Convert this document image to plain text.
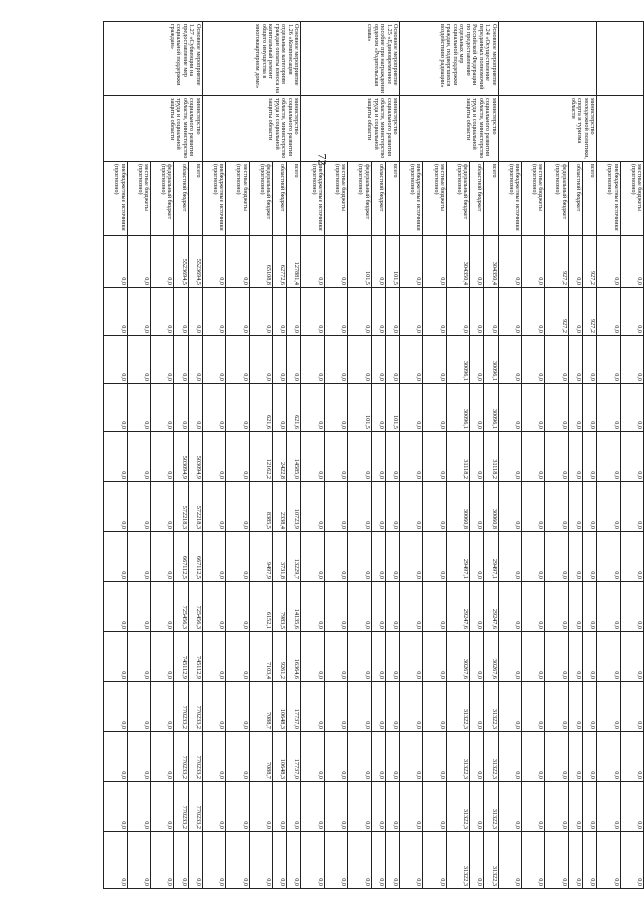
72
		местные бюджеты (прогнозно)	0,0	0,0	0,0	0,0	0,0	0,0	0,0	0,0	0,0	0,0	0,0	0,0	0,0
		внебюджетные источники (прогнозно)	0,0	0,0	0,0	0,0	0,0	0,0	0,0	0,0	0,0	0,0	0,0	0,0	0,0
	министерство молодежной политики, спорта и туризма области	всего	927,2	927,2	0,0	0,0	0,0	0,0	0,0	0,0	0,0	0,0	0,0	0,0	0,0
		областной бюджет	0,0	0,0	0,0	0,0	0,0	0,0	0,0	0,0	0,0	0,0	0,0	0,0	0,0
		федеральный бюджет (прогнозно)	927,2	927,2	0,0	0,0	0,0	0,0	0,0	0,0	0,0	0,0	0,0	0,0	0,0
		местные бюджеты (прогнозно)	0,0	0,0	0,0	0,0	0,0	0,0	0,0	0,0	0,0	0,0	0,0	0,0	0,0
		внебюджетные источники (прогнозно)	0,0	0,0	0,0	0,0	0,0	0,0	0,0	0,0	0,0	0,0	0,0	0,0	0,0
Основное мероприятие 1.24 «Осуществление переданных полномочий Российской Федерации по предоставлению отдельных мер социальной поддержки граждан, подвергшихся воздействию радиации»	министерство социального развития области, министерство труда и социальной защиты области	всего	304350,4	0,0	30096,1	30096,1	31118,2	30060,8	29497,1	29247,6	30267,6	31322,3	31322,3	31322,3	31322,3
		областной бюджет	0,0	0,0	0,0	0,0	0,0	0,0	0,0	0,0	0,0	0,0	0,0	0,0	0,0
		федеральный бюджет (прогнозно)	304350,4	0,0	30096,1	30096,1	31118,2	30060,8	29497,1	29247,6	30267,6	31322,3	31322,3	31322,3	31322,3
		местные бюджеты (прогнозно)	0,0	0,0	0,0	0,0	0,0	0,0	0,0	0,0	0,0	0,0	0,0	0,0	0,0
		внебюджетные источники (прогнозно)	0,0	0,0	0,0	0,0	0,0	0,0	0,0	0,0	0,0	0,0	0,0	0,0	0,0
Основное мероприятие 1.25 «Единовременное пособие при награждении орденом «Родительская слава»	министерство социального развития области, министерство труда и социальной защиты области	всего	101,5	0,0	0,0	101,5	0,0	0,0	0,0	0,0	0,0	0,0	0,0	0,0	0,0
		областной бюджет	0,0	0,0	0,0	0,0	0,0	0,0	0,0	0,0	0,0	0,0	0,0	0,0	0,0
		федеральный бюджет (прогнозно)	101,5	0,0	0,0	101,5	0,0	0,0	0,0	0,0	0,0	0,0	0,0	0,0	0,0
		местные бюджеты (прогнозно)	0,0	0,0	0,0	0,0	0,0	0,0	0,0	0,0	0,0	0,0	0,0	0,0	0,0
		внебюджетные источники (прогнозно)	0,0	0,0	0,0	0,0	0,0	0,0	0,0	0,0	0,0	0,0	0,0	0,0	0,0
Основное мероприятие 1.26 «Компенсация отдельным категориям граждан оплаты взноса на капитальный ремонт общего имущества в многоквартирном доме»	министерство социального развития области, министерство труда и социальной защиты области	всего	127881,4	0,0	0,0	621,6	14585,0	10723,9	13229,7	14135,6	16364,6	17737,0	17737,0	0,0	0,0
		областной бюджет	62772,6	0,0	0,0	0,0	2422,8	2338,4	3731,8	7983,5	9261,2	10648,3	10648,3	0,0	0,0
		федеральный бюджет (прогнозно)	65108,8	0,0	0,0	621,6	12162,2	8385,5	9497,9	6152,1	7103,4	7088,7	7088,7	0,0	0,0
		местные бюджеты (прогнозно)	0,0	0,0	0,0	0,0	0,0	0,0	0,0	0,0	0,0	0,0	0,0	0,0	0,0
		внебюджетные источники (прогнозно)	0,0	0,0	0,0	0,0	0,0	0,0	0,0	0,0	0,0	0,0	0,0	0,0	0,0
Основное мероприятие 1.27 «Субвенции на предоставление мер социальной поддержки граждан»	министерство социального развития области, министерство труда и социальной защиты области	всего	5523694,5	0,0	0,0	0,0	503094,9	572218,3	667112,5	725456,3	745112,9	770233,2	770233,2	770233,2	0,0
		областной бюджет	5523694,5	0,0	0,0	0,0	503094,9	572218,3	667112,5	725456,3	745112,9	770233,2	770233,2	770233,2	0,0
		федеральный бюджет (прогнозно)	0,0	0,0	0,0	0,0	0,0	0,0	0,0	0,0	0,0	0,0	0,0	0,0	0,0
		местные бюджеты (прогнозно)	0,0	0,0	0,0	0,0	0,0	0,0	0,0	0,0	0,0	0,0	0,0	0,0	0,0
		внебюджетные источники (прогнозно)	0,0	0,0	0,0	0,0	0,0	0,0	0,0	0,0	0,0	0,0	0,0	0,0	0,0
